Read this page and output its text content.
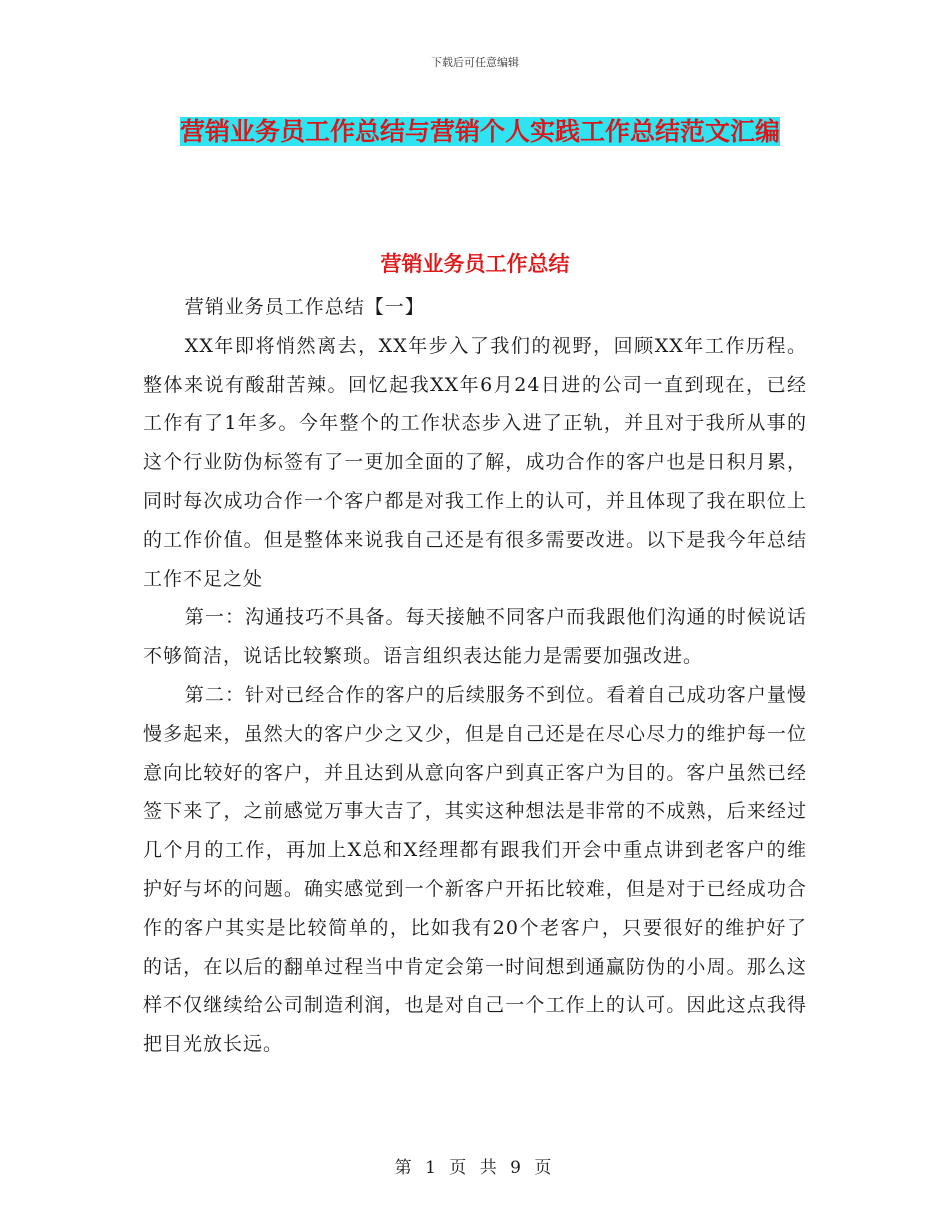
下载后可任意编辑
营销业务员工作总结与营销个人实践工作总结范文汇编
营销业务员工作总结

营销业务员工作总结【一】

XX年即将悄然离去，XX年步入了我们的视野，回顾XX年工作历程。整体来说有酸甜苦辣。回忆起我XX年6月24日进的公司一直到现在，已经工作有了1年多。今年整个的工作状态步入进了正轨，并且对于我所从事的这个行业防伪标签有了一更加全面的了解，成功合作的客户也是日积月累，同时每次成功合作一个客户都是对我工作上的认可，并且体现了我在职位上的工作价值。但是整体来说我自己还是有很多需要改进。以下是我今年总结工作不足之处

第一：沟通技巧不具备。每天接触不同客户而我跟他们沟通的时候说话不够简洁，说话比较繁琐。语言组织表达能力是需要加强改进。

第二：针对已经合作的客户的后续服务不到位。看着自己成功客户量慢慢多起来，虽然大的客户少之又少，但是自己还是在尽心尽力的维护每一位意向比较好的客户，并且达到从意向客户到真正客户为目的。客户虽然已经签下来了，之前感觉万事大吉了，其实这种想法是非常的不成熟，后来经过几个月的工作，再加上X总和X经理都有跟我们开会中重点讲到老客户的维护好与坏的问题。确实感觉到一个新客户开拓比较难，但是对于已经成功合作的客户其实是比较简单的，比如我有20个老客户，只要很好的维护好了的话，在以后的翻单过程当中肯定会第一时间想到通赢防伪的小周。那么这样不仅继续给公司制造利润，也是对自己一个工作上的认可。因此这点我得把目光放长远。

第 1 页 共 9 页
